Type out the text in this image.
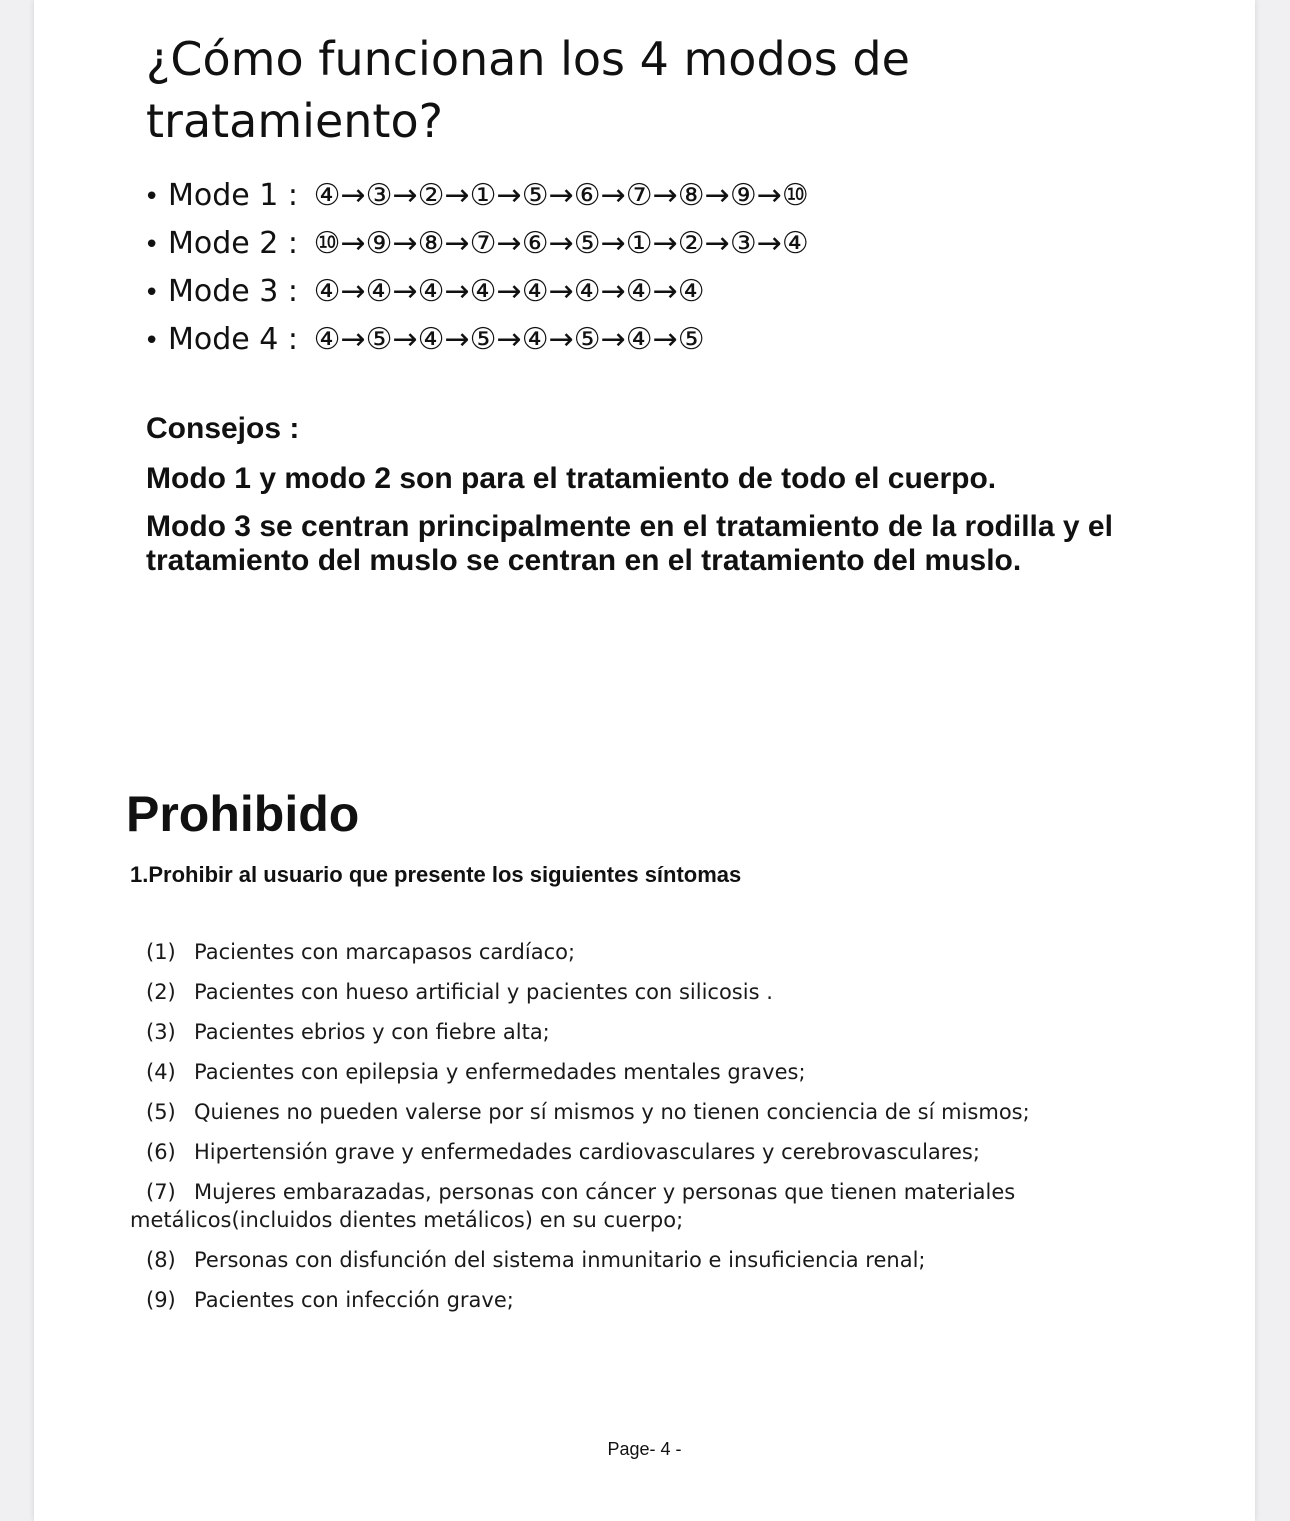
¿Cómo funcionan los 4 modos de tratamiento?
• Mode 1 : ④→③→②→①→⑤→⑥→⑦→⑧→⑨→⑩
• Mode 2 : ⑩→⑨→⑧→⑦→⑥→⑤→①→②→③→④
• Mode 3 : ④→④→④→④→④→④→④→④
• Mode 4 : ④→⑤→④→⑤→④→⑤→④→⑤

Consejos :

Modo 1 y modo 2 son para el tratamiento de todo el cuerpo.

Modo 3 se centran principalmente en el tratamiento de la rodilla y el tratamiento del muslo se centran en el tratamiento del muslo.

Prohibido

1.Prohibir al usuario que presente los siguientes síntomas

(1) Pacientes con marcapasos cardíaco;
(2) Pacientes con hueso artificial y pacientes con silicosis .
(3) Pacientes ebrios y con fiebre alta;
(4) Pacientes con epilepsia y enfermedades mentales graves;
(5) Quienes no pueden valerse por sí mismos y no tienen conciencia de sí mismos;
(6) Hipertensión grave y enfermedades cardiovasculares y cerebrovasculares;
(7) Mujeres embarazadas, personas con cáncer y personas que tienen materiales
metálicos(incluidos dientes metálicos) en su cuerpo;
(8) Personas con disfunción del sistema inmunitario e insuficiencia renal;
(9) Pacientes con infección grave;
Page- 4 -
